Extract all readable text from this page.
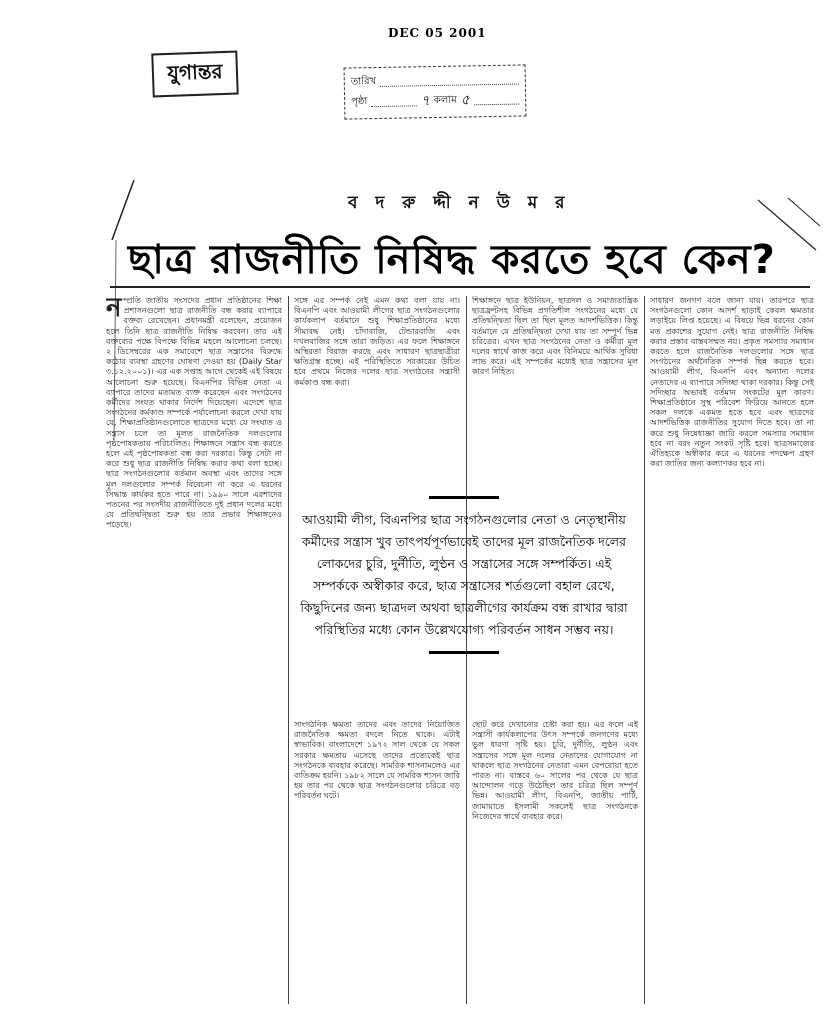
DEC 05 2001
যুগান্তর	তারিখ
পৃষ্ঠা	৭ কলাম ৫
ব দ রু দ্দী ন উ ম র
ছাত্র রাজনীতি নিষিদ্ধ করতে হবে কেন?
ন ম্প্রতি জাতীয় সংসদের প্রধান প্রতিষ্ঠানের শিক্ষা প্রশাসনগুলো ছাত্র রাজনীতি বন্ধ করার ব্যাপারে বক্তব্য রেখেছেন। প্রধানমন্ত্রী বলেছেন, প্রয়োজন হলে তিনি ছাত্র রাজনীতি নিষিদ্ধ করবেন। তার এই বক্তব্যের পক্ষে বিপক্ষে বিভিন্ন মহলে আলোচনা চলছে। ২ ডিসেম্বরের এক সমাবেশে ছাত্র সন্ত্রাসের বিরুদ্ধে কঠোর ব্যবস্থা গ্রহণের ঘোষণা দেওয়া হয় (Daily Star ৩.১২.২০০১)। এর এক সপ্তাহ আগে থেকেই এই বিষয়ে আলোচনা শুরু হয়েছে। বিএনপির বিভিন্ন নেতা এ ব্যাপারে তাদের মতামত ব্যক্ত করেছেন এবং সংগঠনের কর্মীদের সংযত থাকার নির্দেশ দিয়েছেন। এদেশে ছাত্র সংগঠনের কর্মকাণ্ড সম্পর্কে পর্যালোচনা করলে দেখা যায় যে, শিক্ষাপ্রতিষ্ঠানগুলোতে ছাত্রদের মধ্যে যে সংঘাত ও সন্ত্রাস চলে তা মূলত রাজনৈতিক দলগুলোর পৃষ্ঠপোষকতায় পরিচালিত। শিক্ষাঙ্গনে সন্ত্রাস বন্ধ করতে হলে এই পৃষ্ঠপোষকতা বন্ধ করা দরকার। কিন্তু সেটা না করে শুধু ছাত্র রাজনীতি নিষিদ্ধ করার কথা বলা হচ্ছে। ছাত্র সংগঠনগুলোর বর্তমান অবস্থা এবং তাদের সঙ্গে মূল দলগুলোর সম্পর্ক বিবেচনা না করে এ ধরনের সিদ্ধান্ত কার্যকর হতে পারে না। ১৯৯০ সালে এরশাদের পতনের পর সংসদীয় রাজনীতিতে দুই প্রধান দলের মধ্যে যে প্রতিদ্বন্দ্বিতা শুরু হয় তার প্রভাব শিক্ষাঙ্গনেও পড়েছে।
সঙ্গে এর সম্পর্ক নেই এমন কথা বলা যায় না। বিএনপি এবং আওয়ামী লীগের ছাত্র সংগঠনগুলোর কার্যকলাপ বর্তমানে শুধু শিক্ষাপ্রতিষ্ঠানের মধ্যে সীমাবদ্ধ নেই। চাঁদাবাজি, টেন্ডারবাজি এবং দখলবাজির সঙ্গে তারা জড়িত। এর ফলে শিক্ষাঙ্গনে অস্থিরতা বিরাজ করছে এবং সাধারণ ছাত্রছাত্রীরা ক্ষতিগ্রস্ত হচ্ছে। এই পরিস্থিতিতে সরকারের উচিত হবে প্রথমে নিজের দলের ছাত্র সংগঠনের সন্ত্রাসী কর্মকাণ্ড বন্ধ করা।
সাংগঠনিক ক্ষমতা তাদের এবং তাদের নিয়োজিত রাজনৈতিক ক্ষমতা বদলে নিতে থাকে। এটাই স্বাভাবিক। বাংলাদেশে ১৯৭২ সাল থেকে যে সকল সরকার ক্ষমতায় এসেছে তাদের প্রত্যেকেই ছাত্র সংগঠনকে ব্যবহার করেছে। সামরিক শাসনামলেও এর ব্যতিক্রম হয়নি। ১৯৮২ সালে যে সামরিক শাসন জারি হয় তার পর থেকে ছাত্র সংগঠনগুলোর চরিত্রে বড় পরিবর্তন ঘটে।
শিক্ষাঙ্গনে ছাত্র ইউনিয়ন, ছাত্রদল ও সমাজতান্ত্রিক ছাত্রফ্রন্টসহ বিভিন্ন প্রগতিশীল সংগঠনের মধ্যে যে প্রতিদ্বন্দ্বিতা ছিল তা ছিল মূলত আদর্শভিত্তিক। কিন্তু বর্তমানে যে প্রতিদ্বন্দ্বিতা দেখা যায় তা সম্পূর্ণ ভিন্ন চরিত্রের। এখন ছাত্র সংগঠনের নেতা ও কর্মীরা মূল দলের স্বার্থে কাজ করে এবং বিনিময়ে আর্থিক সুবিধা লাভ করে। এই সম্পর্কের মধ্যেই ছাত্র সন্ত্রাসের মূল কারণ নিহিত।
ছোট করে দেখানোর চেষ্টা করা হয়। এর ফলে এই সন্ত্রাসী কার্যকলাপের উৎস সম্পর্কে জনগণের মধ্যে ভুল ধারণা সৃষ্টি হয়। চুরি, দুর্নীতি, লুণ্ঠন এবং সন্ত্রাসের সঙ্গে মূল দলের নেতাদের যোগাযোগ না থাকলে ছাত্র সংগঠনের নেতারা এমন বেপরোয়া হতে পারত না। বাস্তবে ৬০ সালের পর থেকে যে ছাত্র আন্দোলন গড়ে উঠেছিল তার চরিত্র ছিল সম্পূর্ণ ভিন্ন। আওয়ামী লীগ, বিএনপি, জাতীয় পার্টি, জামায়াতে ইসলামী সকলেই ছাত্র সংগঠনকে নিজেদের স্বার্থে ব্যবহার করে।
সাধারণ জনগণ বলে জানা যায়। তারপরে ছাত্র সংগঠনগুলো কোন আদর্শ ছাড়াই কেবল ক্ষমতার লড়াইয়ে লিপ্ত হয়েছে। এ বিষয়ে ভিন্ন ধরনের কোন মত প্রকাশের সুযোগ নেই। ছাত্র রাজনীতি নিষিদ্ধ করার প্রস্তাব বাস্তবসম্মত নয়। প্রকৃত সমস্যার সমাধান করতে হলে রাজনৈতিক দলগুলোর সঙ্গে ছাত্র সংগঠনের অর্থনৈতিক সম্পর্ক ছিন্ন করতে হবে। আওয়ামী লীগ, বিএনপি এবং অন্যান্য দলের নেতাদের এ ব্যাপারে সদিচ্ছা থাকা দরকার। কিন্তু সেই সদিচ্ছার অভাবই বর্তমান সংকটের মূল কারণ। শিক্ষাপ্রতিষ্ঠানে সুস্থ পরিবেশ ফিরিয়ে আনতে হলে সকল দলকে একমত হতে হবে এবং ছাত্রদের আদর্শভিত্তিক রাজনীতির সুযোগ দিতে হবে। তা না করে শুধু নিষেধাজ্ঞা জারি করলে সমস্যার সমাধান হবে না বরং নতুন সংকট সৃষ্টি হবে। ছাত্রসমাজের ঐতিহ্যকে অস্বীকার করে এ ধরনের পদক্ষেপ গ্রহণ করা জাতির জন্য কল্যাণকর হবে না।
আওয়ামী লীগ, বিএনপির ছাত্র সংগঠনগুলোর নেতা ও নেতৃস্থানীয় কর্মীদের সন্ত্রাস খুব তাৎপর্যপূর্ণভাবেই তাদের মূল রাজনৈতিক দলের লোকদের চুরি, দুর্নীতি, লুণ্ঠন ও সন্ত্রাসের সঙ্গে সম্পর্কিত। এই সম্পর্ককে অস্বীকার করে, ছাত্র সন্ত্রাসের শর্তগুলো বহাল রেখে, কিছুদিনের জন্য ছাত্রদল অথবা ছাত্রলীগের কার্যক্রম বন্ধ রাখার দ্বারা পরিস্থিতির মধ্যে কোন উল্লেখযোগ্য পরিবর্তন সাধন সম্ভব নয়।
